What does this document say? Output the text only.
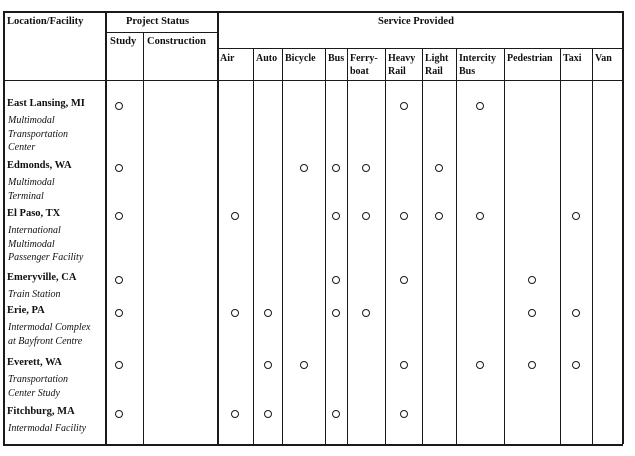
Location/Facility	Project Status	Service Provided
Study Construction
Air Auto Bicycle Bus Ferry-
boat
Heavy
Rail
Light
Rail
Intercity
Bus
Pedestrian Taxi Van
East Lansing, MI
Multimodal
Transportation
Center
Edmonds, WA
Multimodal
Terminal
El Paso, TX
International
Multimodal
Passenger Facility
Emeryville, CA
Train Station
Erie, PA
Intermodal Complex
at Bayfront Centre
Everett, WA
Transportation
Center Study
Fitchburg, MA
Intermodal Facility
